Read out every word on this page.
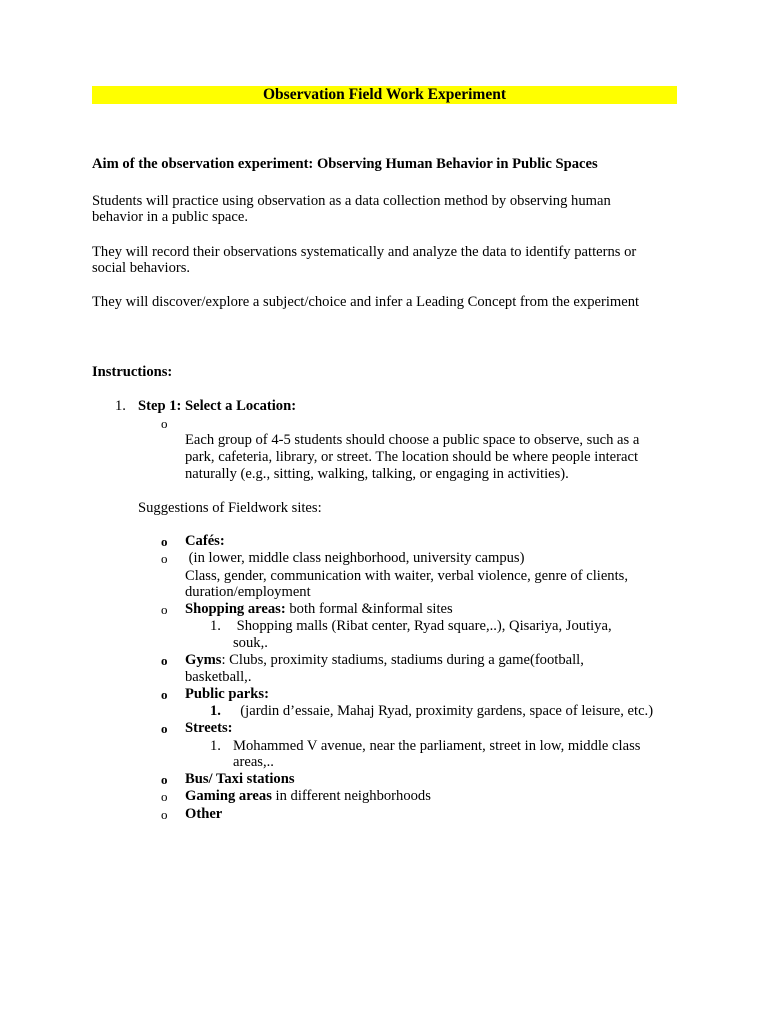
Observation Field Work Experiment
Aim of the observation experiment: Observing Human Behavior in Public Spaces
Students will practice using observation as a data collection method by observing human
behavior in a public space.
They will record their observations systematically and analyze the data to identify patterns or
social behaviors.
They will discover/explore a subject/choice and infer a Leading Concept from the experiment
Instructions:
1. Step 1: Select a Location:
o
Each group of 4-5 students should choose a public space to observe, such as a
park, cafeteria, library, or street. The location should be where people interact
naturally (e.g., sitting, walking, talking, or engaging in activities).
Suggestions of Fieldwork sites:
o Cafés:
o (in lower, middle class neighborhood, university campus)
Class, gender, communication with waiter, verbal violence, genre of clients,
duration/employment
o Shopping areas: both formal &informal sites
1. Shopping malls (Ribat center, Ryad square,..), Qisariya, Joutiya,
souk,.
o Gyms: Clubs, proximity stadiums, stadiums during a game(football,
basketball,.
o Public parks:
1. (jardin d’essaie, Mahaj Ryad, proximity gardens, space of leisure, etc.)
o Streets:
1. Mohammed V avenue, near the parliament, street in low, middle class
areas,..
o Bus/ Taxi stations
o Gaming areas in different neighborhoods
o Other
